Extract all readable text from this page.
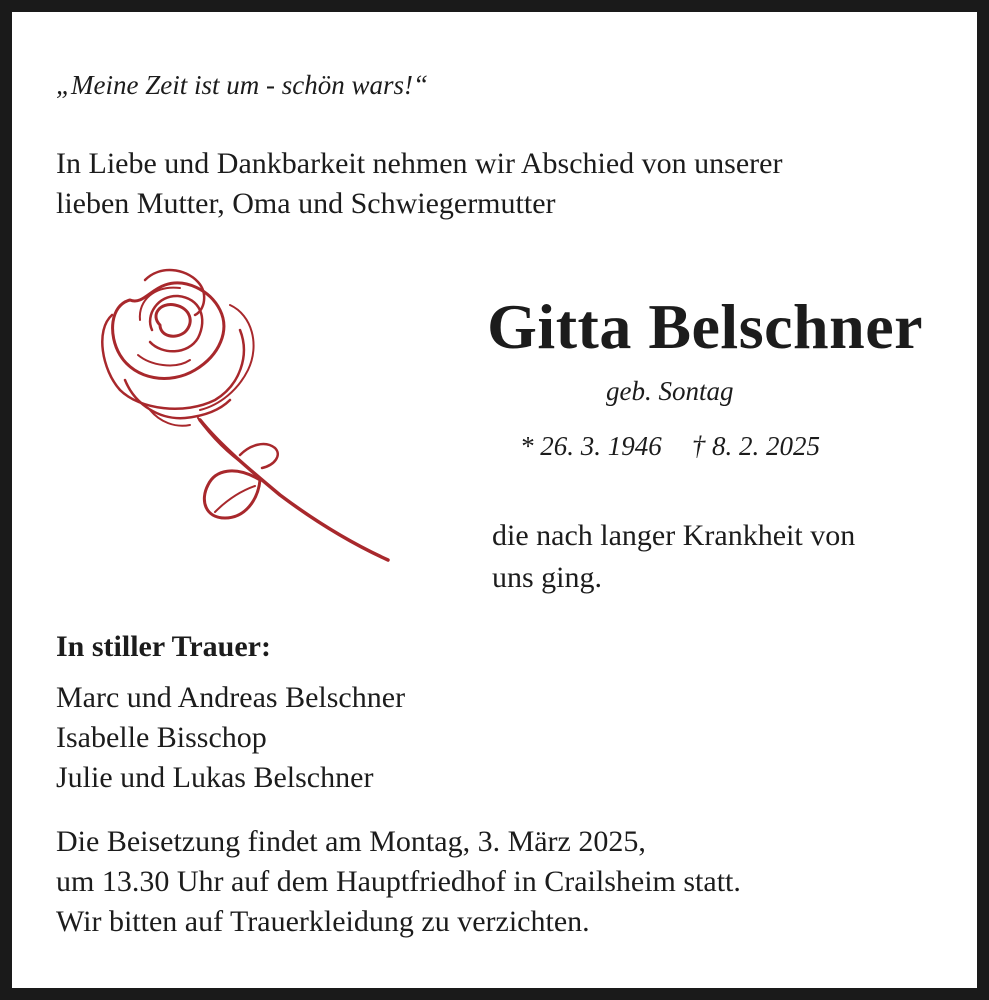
„Meine Zeit ist um - schön wars!“
In Liebe und Dankbarkeit nehmen wir Abschied von unserer
lieben Mutter, Oma und Schwiegermutter
Gitta Belschner
geb. Sontag
* 26. 3. 1946 † 8. 2. 2025
die nach langer Krankheit von
uns ging.
In stiller Trauer:
Marc und Andreas Belschner
Isabelle Bisschop
Julie und Lukas Belschner
Die Beisetzung findet am Montag, 3. März 2025,
um 13.30 Uhr auf dem Hauptfriedhof in Crailsheim statt.
Wir bitten auf Trauerkleidung zu verzichten.
